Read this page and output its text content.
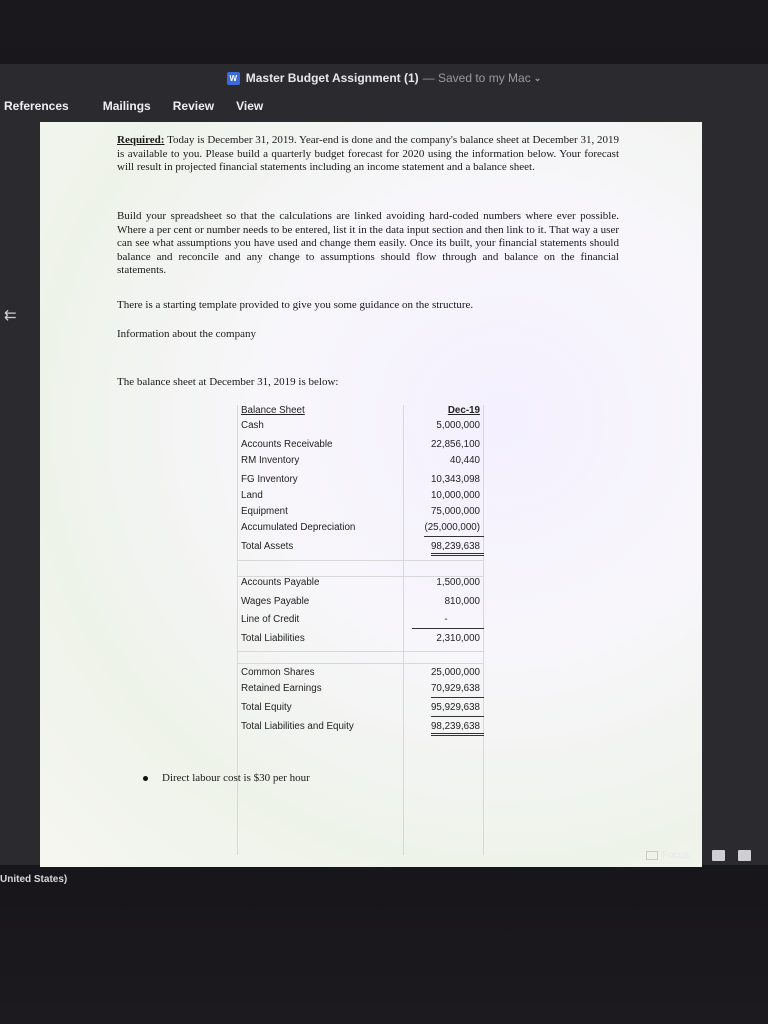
W Master Budget Assignment (1) — Saved to my Mac ⌄
References	Mailings	Review	View
⇇

Required: Today is December 31, 2019. Year-end is done and the company's balance sheet at December 31, 2019 is available to you. Please build a quarterly budget forecast for 2020 using the information below. Your forecast will result in projected financial statements including an income statement and a balance sheet.

Build your spreadsheet so that the calculations are linked avoiding hard-coded numbers where ever possible. Where a per cent or number needs to be entered, list it in the data input section and then link to it. That way a user can see what assumptions you have used and change them easily. Once its built, your financial statements should balance and reconcile and any change to assumptions should flow through and balance on the financial statements.

There is a starting template provided to give you some guidance on the structure.

Information about the company

The balance sheet at December 31, 2019 is below:

Balance Sheet	Dec-19
Cash	5,000,000
Accounts Receivable	22,856,100
RM Inventory	40,440
FG Inventory	10,343,098
Land	10,000,000
Equipment	75,000,000
Accumulated Depreciation	(25,000,000)
Total Assets	98,239,638
Accounts Payable	1,500,000
Wages Payable	810,000
Line of Credit	-
Total Liabilities	2,310,000
Common Shares	25,000,000
Retained Earnings	70,929,638
Total Equity	95,929,638
Total Liabilities and Equity	98,239,638
Direct labour cost is $30 per hour
United States)
Focus
